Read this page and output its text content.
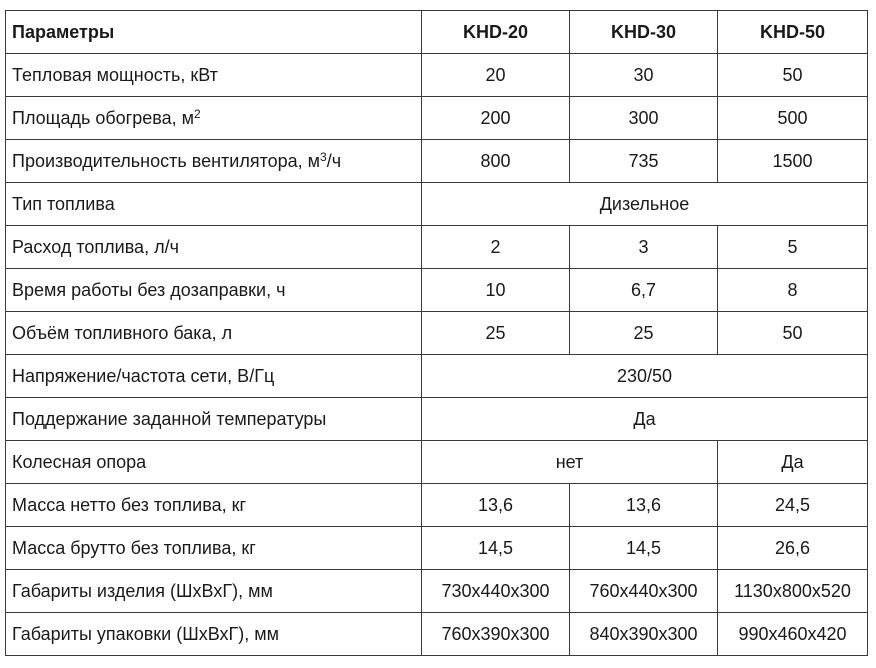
Параметры	KHD-20	KHD-30	KHD-50
Тепловая мощность, кВт	20	30	50
Площадь обогрева, $м^2$	200	300	500
Производительность вентилятора, $м^3/ч$	800	735	1500
Тип топлива	Дизельное		
Расход топлива, л/ч	2	3	5
Время работы без дозаправки, ч	10	6,7	8
Объём топливного бака, л	25	25	50
Напряжение/частота сети, В/Гц	230/50		
Поддержание заданной температуры	Да		
Колесная опора	нет		Да
Масса нетто без топлива, кг	13,6	13,6	24,5
Масса брутто без топлива, кг	14,5	14,5	26,6
Габариты изделия (ШхВхГ), мм	730x440x300	760x440x300	1130x800x520
Габариты упаковки (ШхВхГ), мм	760x390x300	840x390x300	990x460x420
